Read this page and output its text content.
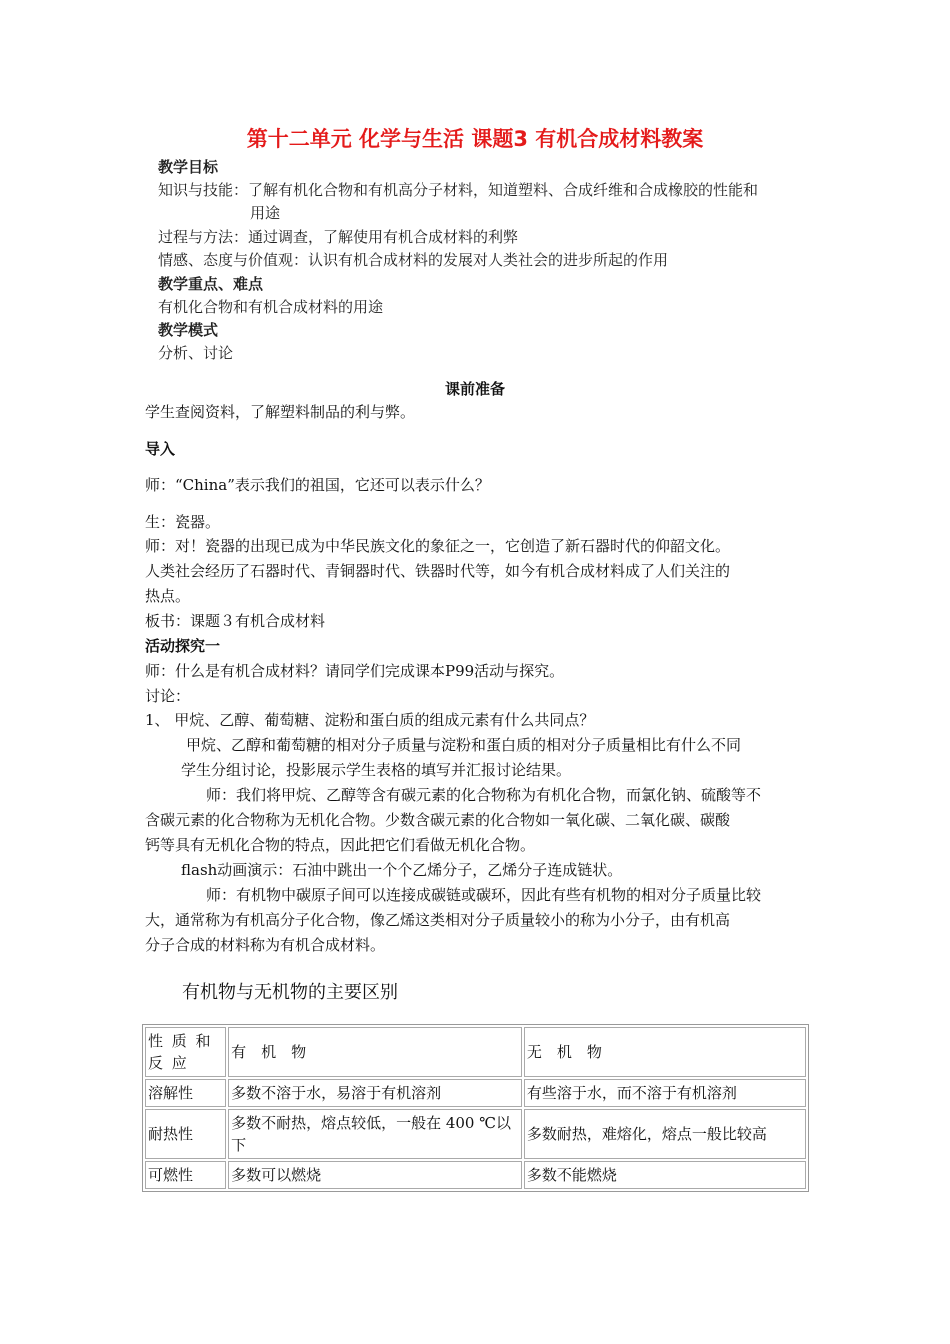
第十二单元 化学与生活 课题3 有机合成材料教案
教学目标
知识与技能：了解有机化合物和有机高分子材料，知道塑料、合成纤维和合成橡胶的性能和
用途
过程与方法：通过调查，了解使用有机合成材料的利弊
情感、态度与价值观：认识有机合成材料的发展对人类社会的进步所起的作用
教学重点、难点
有机化合物和有机合成材料的用途
教学模式
分析、讨论
课前准备
学生查阅资料，了解塑料制品的利与弊。
导入
师：“China”表示我们的祖国，它还可以表示什么？
生：瓷器。
师：对！瓷器的出现已成为中华民族文化的象征之一，它创造了新石器时代的仰韶文化。
人类社会经历了石器时代、青铜器时代、铁器时代等，如今有机合成材料成了人们关注的
热点。
板书：课题３有机合成材料
活动探究一
师：什么是有机合成材料？请同学们完成课本P99活动与探究。
讨论：
1、 甲烷、乙醇、葡萄糖、淀粉和蛋白质的组成元素有什么共同点？
甲烷、乙醇和葡萄糖的相对分子质量与淀粉和蛋白质的相对分子质量相比有什么不同
学生分组讨论，投影展示学生表格的填写并汇报讨论结果。
师：我们将甲烷、乙醇等含有碳元素的化合物称为有机化合物，而氯化钠、硫酸等不
含碳元素的化合物称为无机化合物。少数含碳元素的化合物如一氧化碳、二氧化碳、碳酸
钙等具有无机化合物的特点，因此把它们看做无机化合物。
flash动画演示：石油中跳出一个个乙烯分子，乙烯分子连成链状。
师：有机物中碳原子间可以连接成碳链或碳环，因此有些有机物的相对分子质量比较
大，通常称为有机高分子化合物，像乙烯这类相对分子质量较小的称为小分子，由有机高
分子合成的材料称为有机合成材料。
有机物与无机物的主要区别
性 质 和 反 应	有　机　物	无　机　物
溶解性	多数不溶于水，易溶于有机溶剂	有些溶于水，而不溶于有机溶剂
耐热性	多数不耐热，熔点较低，一般在 400 ℃以下	多数耐热，难熔化，熔点一般比较高
可燃性	多数可以燃烧	多数不能燃烧
